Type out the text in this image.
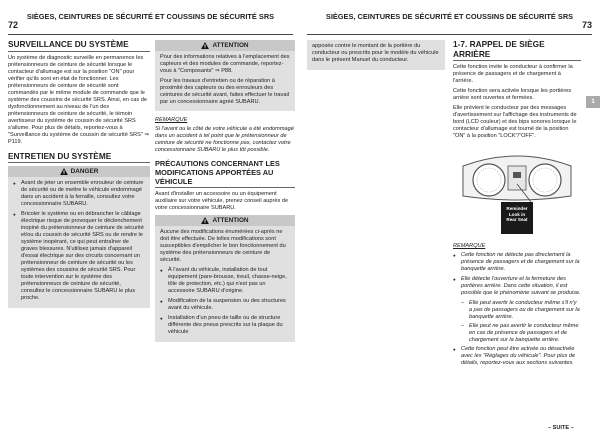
SIÈGES, CEINTURES DE SÉCURITÉ ET COUSSINS DE SÉCURITÉ SRS
72
SIÈGES, CEINTURES DE SÉCURITÉ ET COUSSINS DE SÉCURITÉ SRS
73
SURVEILLANCE DU SYSTÈME

Un système de diagnostic surveille en permanence les prétensionneurs de ceinture de sécurité lorsque le contacteur d'allumage est sur la position "ON" pour vérifier qu'ils sont en état de fonctionner. Les prétensionneurs de ceinture de sécurité sont commandés par le même module de commande que le système des coussins de sécurité SRS. Ainsi, en cas de dysfonctionnement au niveau de l'un des prétensionneurs de ceinture de sécurité, le témoin avertisseur du système de coussin de sécurité SRS s'allume. Pour plus de détails, reportez-vous à "Surveillance du système de coussin de sécurité SRS" ⇒ P119.

ENTRETIEN DU SYSTÈME
DANGER
● Avant de jeter un ensemble enrouleur de ceinture de sécurité ou de mettre le véhicule endommagé dans un accident à la ferraille, consultez votre concessionnaire SUBARU.
● Bricoler le système ou en débrancher le câblage électrique risque de provoquer le déclenchement inopiné du prétensionneur de ceinture de sécurité et/ou du coussin de sécurité SRS ou de rendre le système inopérant, ce qui peut entraîner de graves blessures. N'utilisez jamais d'appareil d'essai électrique sur des circuits concernant un prétensionneur de ceinture de sécurité ou les systèmes des coussins de sécurité SRS. Pour toute intervention sur le système des prétensionneurs de ceinture de sécurité, consultez le concessionnaire SUBARU le plus proche.
ATTENTION

Pour des informations relatives à l'emplacement des capteurs et des modules de commande, reportez-vous à "Composants" ⇒ P88.

Pour les travaux d'entretien ou de réparation à proximité des capteurs ou des enrouleurs des ceintures de sécurité avant, faites effectuer le travail par un concessionnaire agréé SUBARU.

REMARQUE

Si l'avant ou le côté de votre véhicule a été endommagé dans un accident à tel point que le prétensionneur de ceinture de sécurité ne fonctionne pas, contactez votre concessionnaire SUBARU le plus tôt possible.

PRÉCAUTIONS CONCERNANT LES MODIFICATIONS APPORTÉES AU VÉHICULE

Avant d'installer un accessoire ou un équipement auxiliaire sur votre véhicule, prenez conseil auprès de votre concessionnaire SUBARU.

ATTENTION

Aucune des modifications énumérées ci-après ne doit être effectuée. De telles modifications sont susceptibles d'empêcher le bon fonctionnement du système des prétensionneurs de ceinture de sécurité.

● À l'avant du véhicule, installation de tout équipement (pare-brousse, treuil, chasse-neige, tôle de protection, etc.) qui n'est pas un accessoire SUBARU d'origine.
● Modification de la suspension ou des structures avant du véhicule.
● Installation d'un pneu de taille ou de structure différente des pneus prescrits sur la plaque du véhicule

apposée contre le montant de la portière du conducteur ou prescrits pour le modèle du véhicule dans le présent Manuel du conducteur.

1-7. RAPPEL DE SIÈGE ARRIÈRE

Cette fonction invite le conducteur à confirmer la présence de passagers et de chargement à l'arrière.

Cette fonction sera activée lorsque les portières arrière sont ouvertes et fermées.

Elle prévient le conducteur par des messages d'avertissement sur l'affichage des instruments de bord (LCD couleur) et des bips sonores lorsque le contacteur d'allumage est tourné de la position "ON" à la position "LOCK"/"OFF".

Reminder
Look in
Rear Seat
REMARQUE
● Cette fonction ne détecte pas directement la présence de passagers et de chargement sur la banquette arrière.
● Elle détecte l'ouverture et la fermeture des portières arrière. Dans cette situation, il est possible que le phénomène suivant se produise.
– Elle peut avertir le conducteur même s'il n'y a pas de passagers ou de chargement sur la banquette arrière.
– Elle peut ne pas avertir le conducteur même en cas de présence de passagers et de chargement sur la banquette arrière.
● Cette fonction peut être activée ou désactivée avec les "Réglages du véhicule". Pour plus de détails, reportez-vous aux sections suivantes.
1
– SUITE –
